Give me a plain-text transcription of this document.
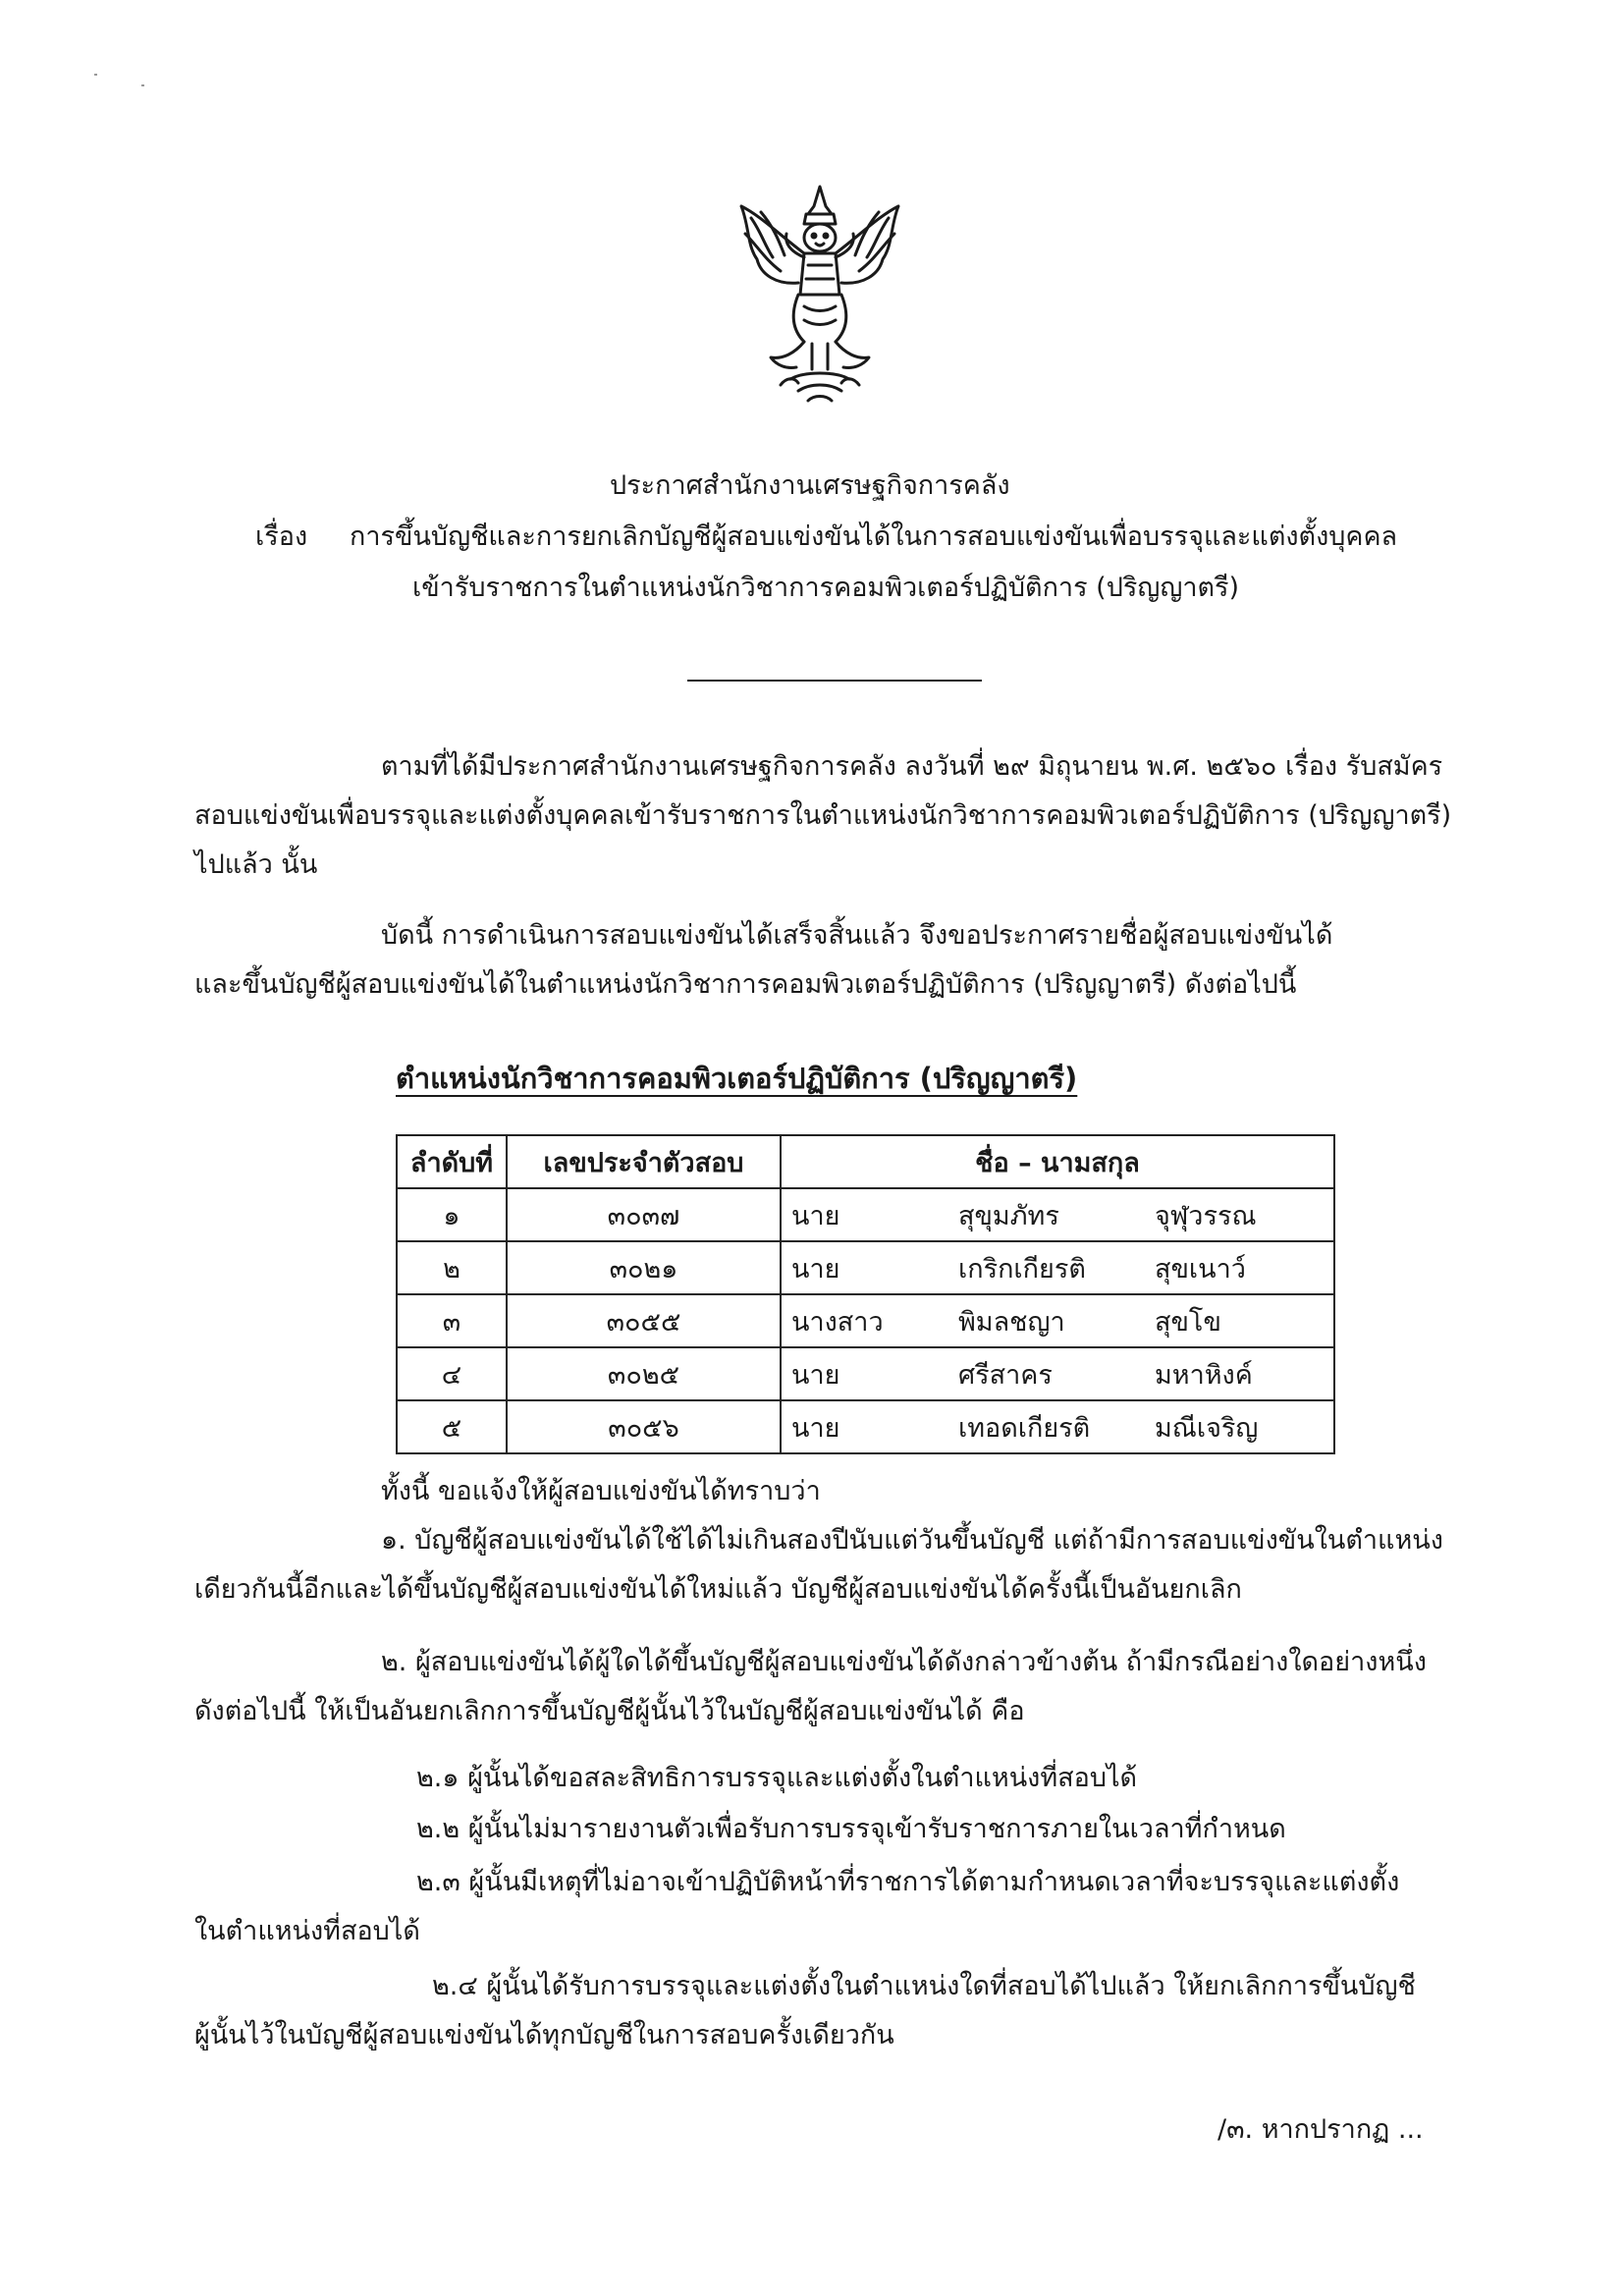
ประกาศสำนักงานเศรษฐกิจการคลัง
เรื่อง การขึ้นบัญชีและการยกเลิกบัญชีผู้สอบแข่งขันได้ในการสอบแข่งขันเพื่อบรรจุและแต่งตั้งบุคคล
เข้ารับราชการในตำแหน่งนักวิชาการคอมพิวเตอร์ปฏิบัติการ (ปริญญาตรี)
ตามที่ได้มีประกาศสำนักงานเศรษฐกิจการคลัง ลงวันที่ ๒๙ มิถุนายน พ.ศ. ๒๕๖๐ เรื่อง รับสมัคร
สอบแข่งขันเพื่อบรรจุและแต่งตั้งบุคคลเข้ารับราชการในตำแหน่งนักวิชาการคอมพิวเตอร์ปฏิบัติการ (ปริญญาตรี)
ไปแล้ว นั้น
บัดนี้ การดำเนินการสอบแข่งขันได้เสร็จสิ้นแล้ว จึงขอประกาศรายชื่อผู้สอบแข่งขันได้
และขึ้นบัญชีผู้สอบแข่งขันได้ในตำแหน่งนักวิชาการคอมพิวเตอร์ปฏิบัติการ (ปริญญาตรี) ดังต่อไปนี้
ตำแหน่งนักวิชาการคอมพิวเตอร์ปฏิบัติการ (ปริญญาตรี)
ลำดับที่	เลขประจำตัวสอบ	ชื่อ – นามสกุล		
๑	๓๐๓๗	นาย	สุขุมภัทร	จุฬุวรรณ
๒	๓๐๒๑	นาย	เกริกเกียรติ	สุขเนาว์
๓	๓๐๕๕	นางสาว	พิมลชญา	สุขโข
๔	๓๐๒๕	นาย	ศรีสาคร	มหาหิงค์
๕	๓๐๕๖	นาย	เทอดเกียรติ	มณีเจริญ
ทั้งนี้ ขอแจ้งให้ผู้สอบแข่งขันได้ทราบว่า
๑. บัญชีผู้สอบแข่งขันได้ใช้ได้ไม่เกินสองปีนับแต่วันขึ้นบัญชี แต่ถ้ามีการสอบแข่งขันในตำแหน่ง
เดียวกันนี้อีกและได้ขึ้นบัญชีผู้สอบแข่งขันได้ใหม่แล้ว บัญชีผู้สอบแข่งขันได้ครั้งนี้เป็นอันยกเลิก
๒. ผู้สอบแข่งขันได้ผู้ใดได้ขึ้นบัญชีผู้สอบแข่งขันได้ดังกล่าวข้างต้น ถ้ามีกรณีอย่างใดอย่างหนึ่ง
ดังต่อไปนี้ ให้เป็นอันยกเลิกการขึ้นบัญชีผู้นั้นไว้ในบัญชีผู้สอบแข่งขันได้ คือ
๒.๑ ผู้นั้นได้ขอสละสิทธิการบรรจุและแต่งตั้งในตำแหน่งที่สอบได้
๒.๒ ผู้นั้นไม่มารายงานตัวเพื่อรับการบรรจุเข้ารับราชการภายในเวลาที่กำหนด
๒.๓ ผู้นั้นมีเหตุที่ไม่อาจเข้าปฏิบัติหน้าที่ราชการได้ตามกำหนดเวลาที่จะบรรจุและแต่งตั้ง
ในตำแหน่งที่สอบได้
๒.๔ ผู้นั้นได้รับการบรรจุและแต่งตั้งในตำแหน่งใดที่สอบได้ไปแล้ว ให้ยกเลิกการขึ้นบัญชี
ผู้นั้นไว้ในบัญชีผู้สอบแข่งขันได้ทุกบัญชีในการสอบครั้งเดียวกัน
/๓. หากปรากฏ ...
